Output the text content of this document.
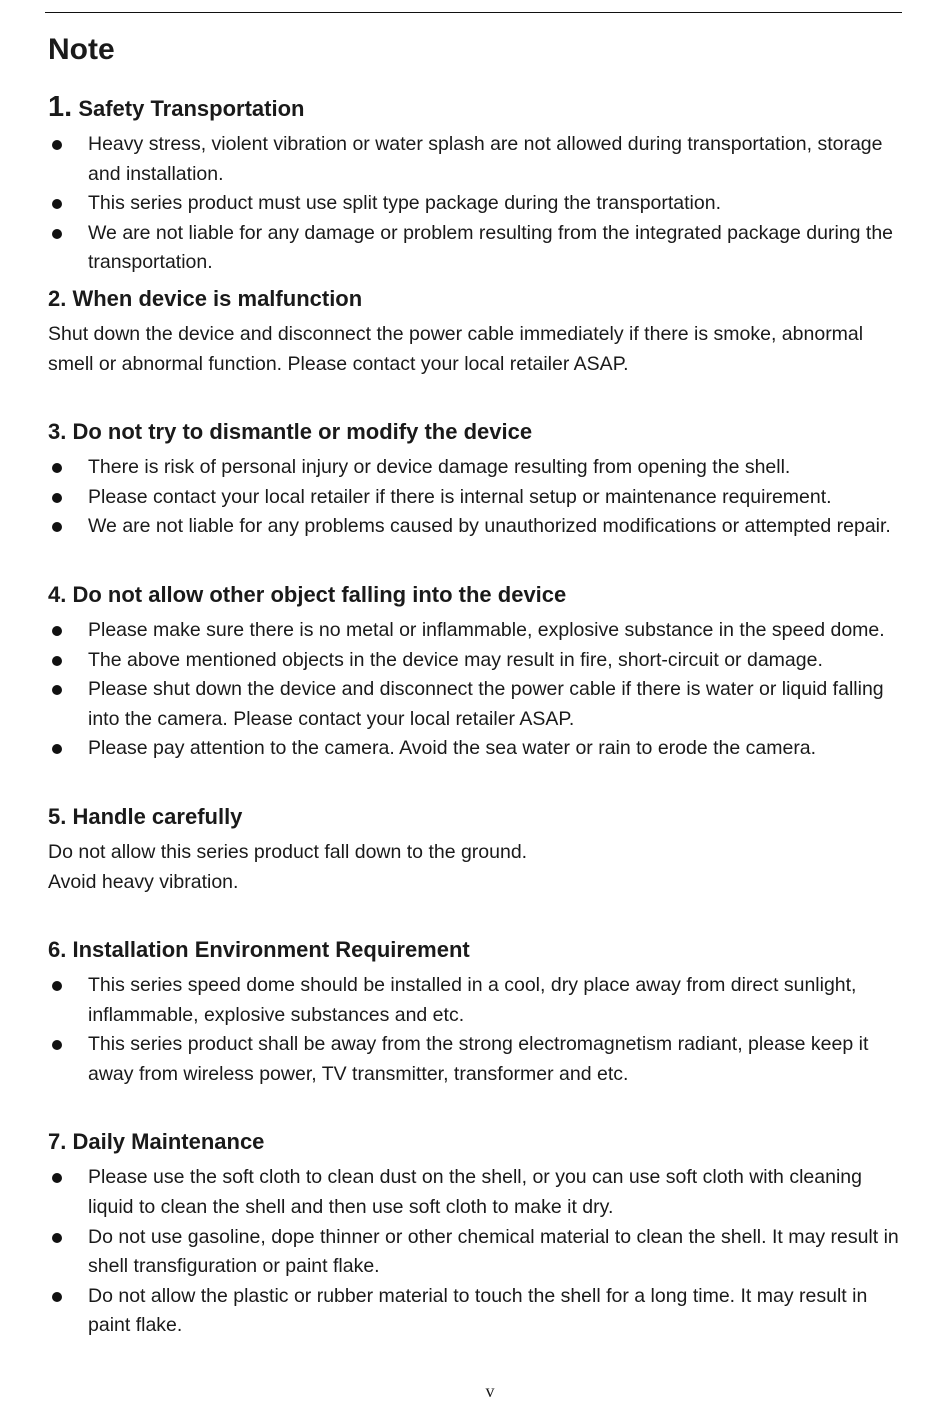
Note
1. Safety Transportation
Heavy stress, violent vibration or water splash are not allowed during transportation, storage and installation.
This series product must use split type package during the transportation.
We are not liable for any damage or problem resulting from the integrated package during the transportation.
2. When device is malfunction

Shut down the device and disconnect the power cable immediately if there is smoke, abnormal smell or abnormal function. Please contact your local retailer ASAP.

3. Do not try to dismantle or modify the device
There is risk of personal injury or device damage resulting from opening the shell.
Please contact your local retailer if there is internal setup or maintenance requirement.
We are not liable for any problems caused by unauthorized modifications or attempted repair.
4. Do not allow other object falling into the device
Please make sure there is no metal or inflammable, explosive substance in the speed dome.
The above mentioned objects in the device may result in fire, short-circuit or damage.
Please shut down the device and disconnect the power cable if there is water or liquid falling into the camera. Please contact your local retailer ASAP.
Please pay attention to the camera. Avoid the sea water or rain to erode the camera.
5. Handle carefully

Do not allow this series product fall down to the ground.

Avoid heavy vibration.

6. Installation Environment Requirement
This series speed dome should be installed in a cool, dry place away from direct sunlight, inflammable, explosive substances and etc.
This series product shall be away from the strong electromagnetism radiant, please keep it away from wireless power, TV transmitter, transformer and etc.
7. Daily Maintenance
Please use the soft cloth to clean dust on the shell, or you can use soft cloth with cleaning liquid to clean the shell and then use soft cloth to make it dry.
Do not use gasoline, dope thinner or other chemical material to clean the shell. It may result in shell transfiguration or paint flake.
Do not allow the plastic or rubber material to touch the shell for a long time. It may result in paint flake.
v
